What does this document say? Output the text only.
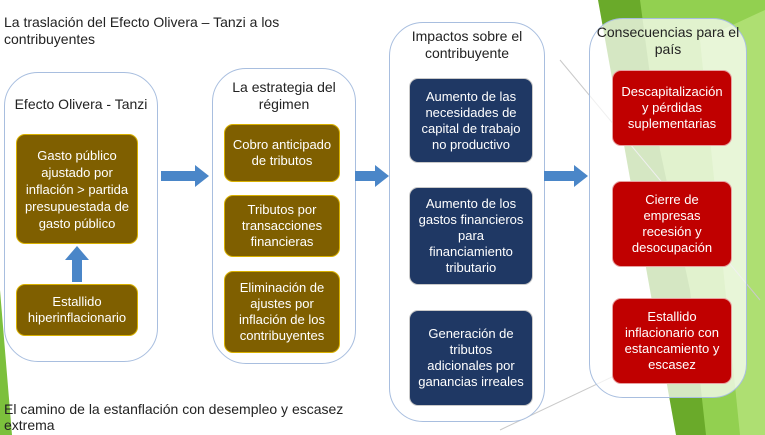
La traslación del Efecto Olivera – Tanzi a los contribuyentes
Efecto Olivera - Tanzi
Gasto público ajustado por inflación > partida presupuestada de gasto público
Estallido hiperinflacionario
La estrategia del régimen
Cobro anticipado de tributos
Tributos por transacciones financieras
Eliminación de ajustes por inflación de los contribuyentes
Impactos sobre el contribuyente
Aumento de las necesidades de capital de trabajo no productivo
Aumento de los gastos financieros para financiamiento tributario
Generación de tributos adicionales por ganancias irreales
Consecuencias para el país
Descapitalización y pérdidas suplementarias
Cierre de empresas recesión y desocupación
Estallido inflacionario con estancamiento y escasez
El camino de la estanflación con desempleo y escasez extrema
